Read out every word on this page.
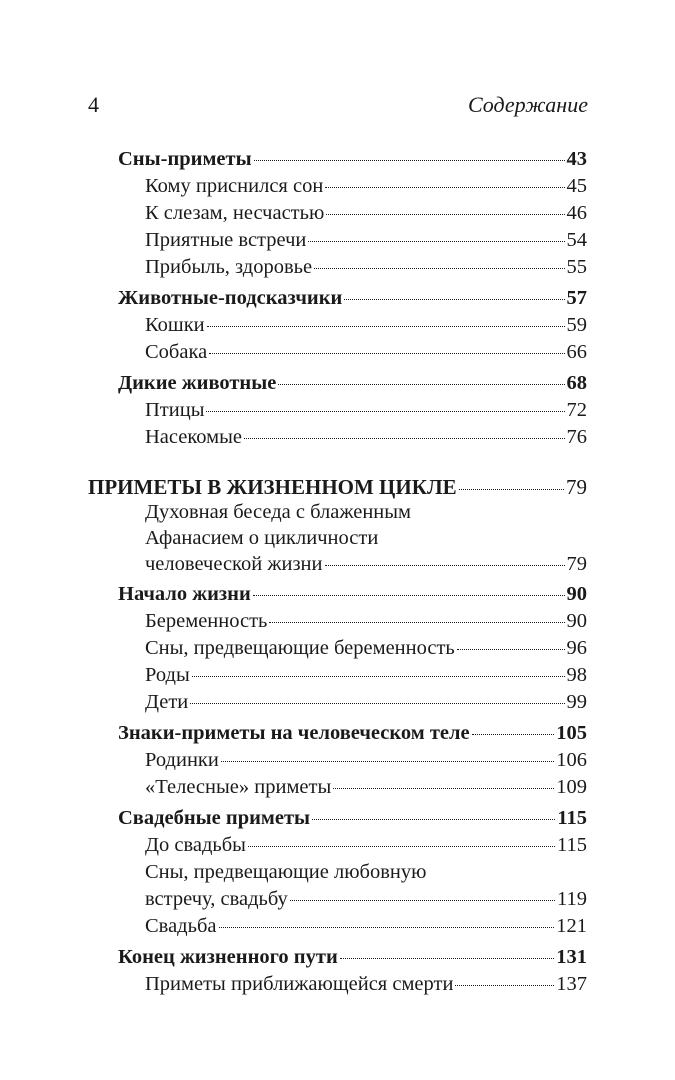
4	Содержание
Сны-приметы	43
Кому приснился сон	45
К слезам, несчастью	46
Приятные встречи	54
Прибыль, здоровье	55
Животные-подсказчики	57
Кошки	59
Собака	66
Дикие животные	68
Птицы	72
Насекомые	76
ПРИМЕТЫ В ЖИЗНЕННОМ ЦИКЛЕ	79
Духовная беседа с блаженным
Афанасием о цикличности
человеческой жизни	79
Начало жизни	90
Беременность	90
Сны, предвещающие беременность	96
Роды	98
Дети	99
Знаки-приметы на человеческом теле	105
Родинки	106
«Телесные» приметы	109
Свадебные приметы	115
До свадьбы	115
Сны, предвещающие любовную
встречу, свадьбу	119
Свадьба	121
Конец жизненного пути	131
Приметы приближающейся смерти	137
